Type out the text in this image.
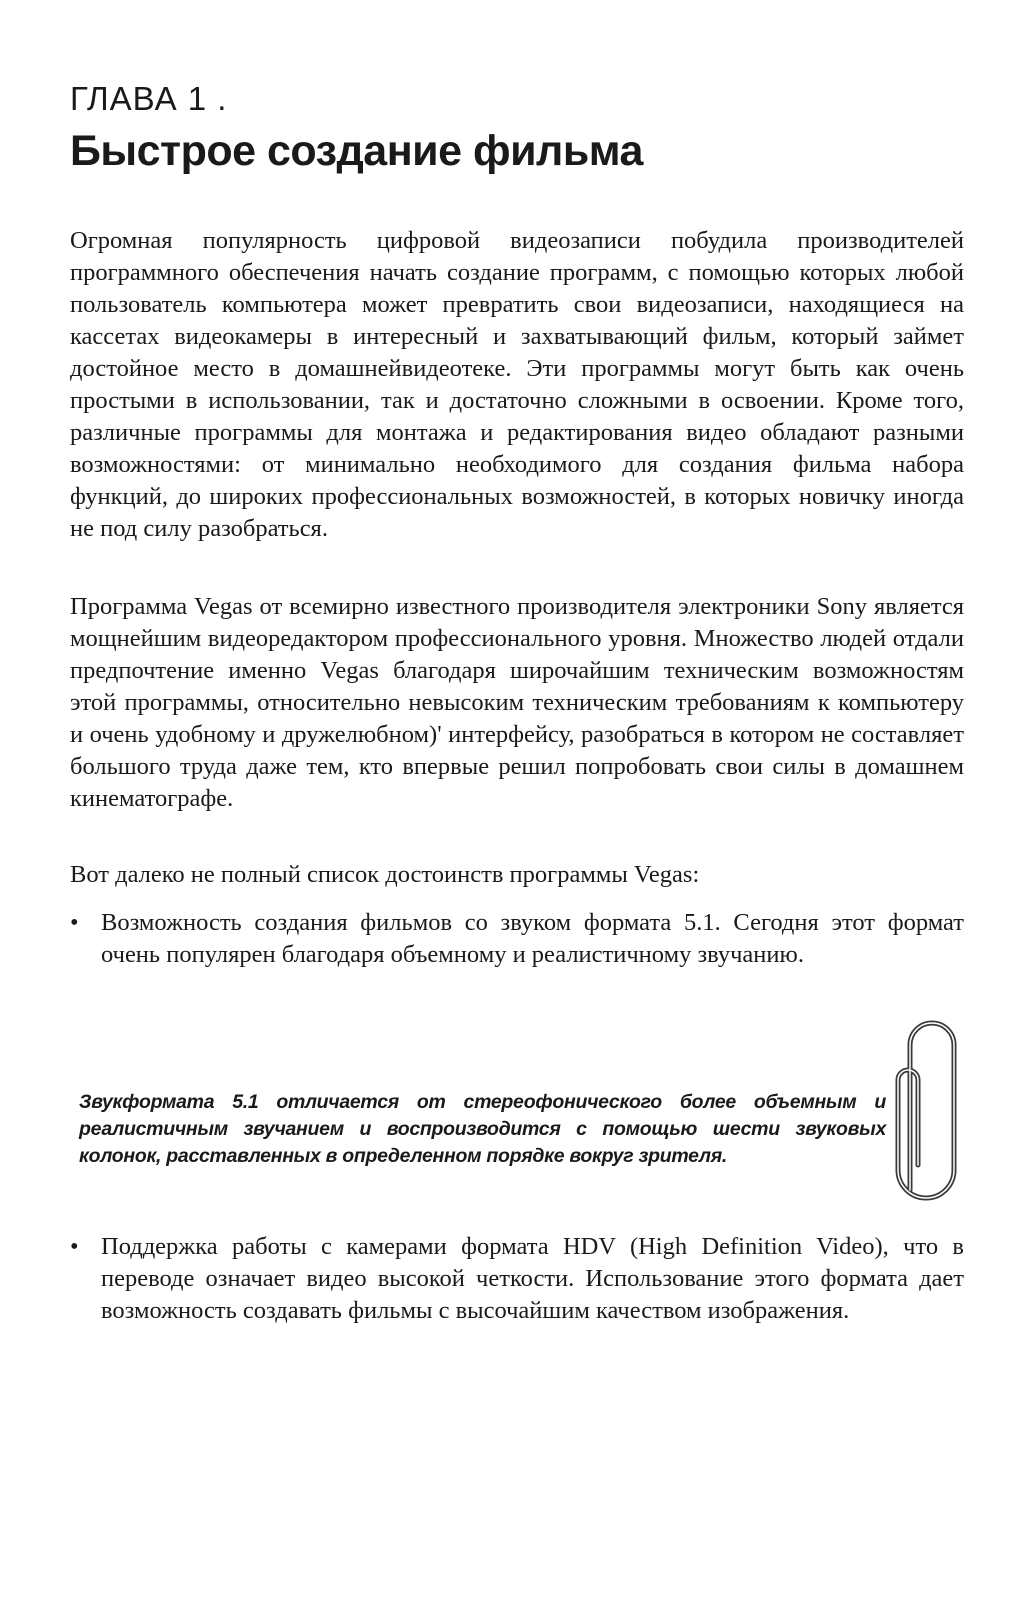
ГЛАВА 1 .
Быстрое создание фильма

Огромная популярность цифровой видеозаписи побудила производителей программного обеспечения начать создание программ, с помощью которых любой пользователь компьютера может превратить свои видеозаписи, находящиеся на кассетах видеокамеры в интересный и захватывающий фильм, который займет достойное место в домашнейвидеотеке. Эти программы могут быть как очень простыми в использовании, так и достаточно сложными в освоении. Кроме того, различные программы для монтажа и редактирования видео обладают разными возможностями: от минимально необходимого для создания фильма набора функций, до широких профессиональных возможностей, в которых новичку иногда не под силу разобраться.

Программа Vegas от всемирно известного производителя электроники Sony является мощнейшим видеоредактором профессионального уровня. Множество людей отдали предпочтение именно Vegas благодаря широчайшим техническим возможностям этой программы, относительно невысоким техническим требованиям к компьютеру и очень удобному и дружелюбном)' интерфейсу, разобраться в котором не составляет большого труда даже тем, кто впервые решил попробовать свои силы в домашнем кинематографе.

Вот далеко не полный список достоинств программы Vegas:

• Возможность создания фильмов со звуком формата 5.1. Сегодня этот формат очень популярен благодаря объемному и реалистичному звучанию.

Звукформата 5.1 отличается от стереофонического более объемным и реалистичным звучанием и воспроизводится с помощью шести звуковых колонок, расставленных в определенном порядке вокруг зрителя.

• Поддержка работы с камерами формата HDV (High Definition Video), что в переводе означает видео высокой четкости. Использование этого формата дает возможность создавать фильмы с высочайшим качеством изображения.
